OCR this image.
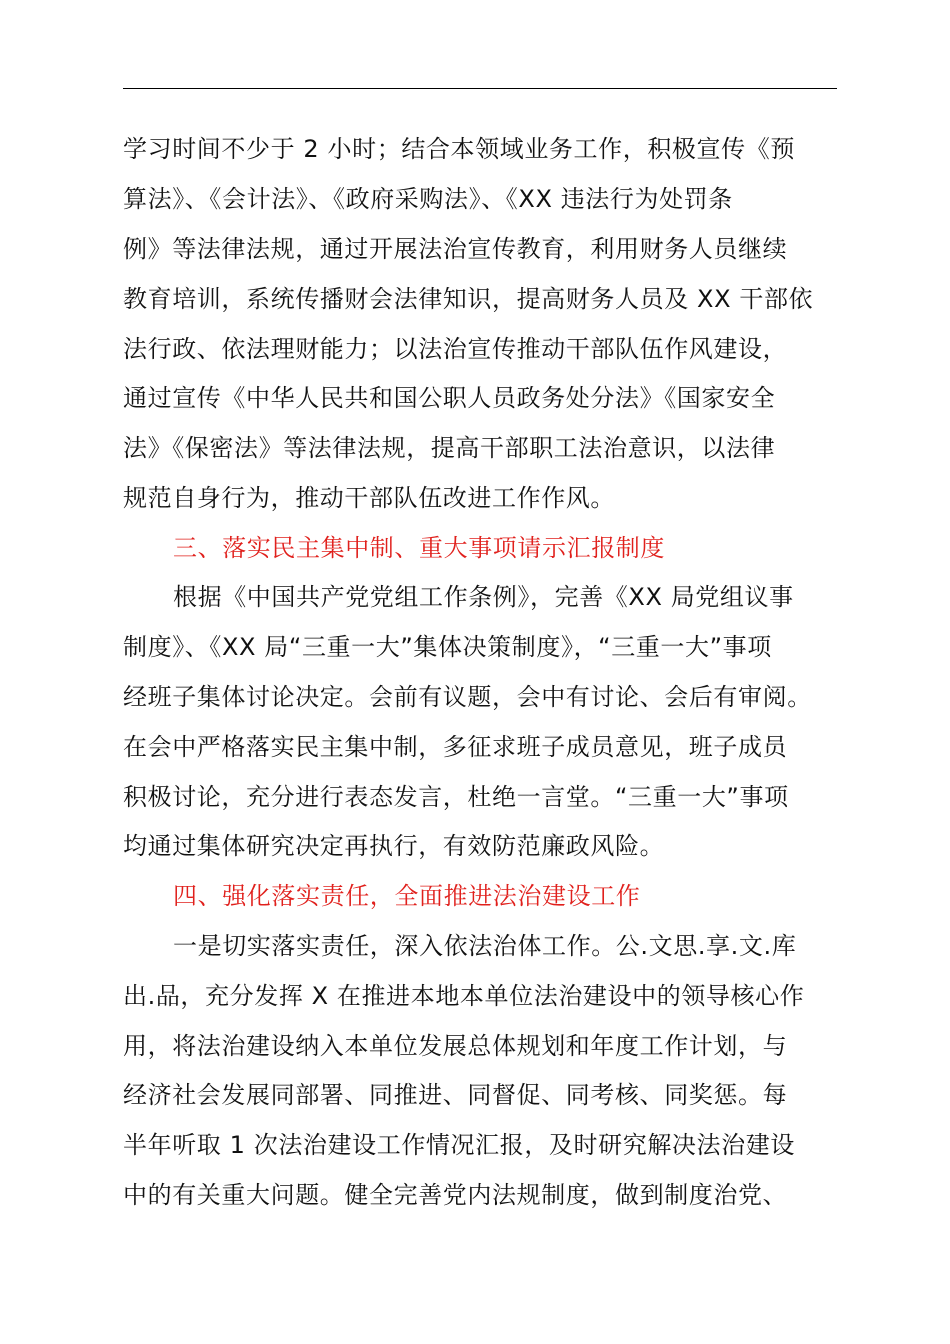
学习时间不少于 2 小时；结合本领域业务工作，积极宣传《预
算法》、《会计法》、《政府采购法》、《XX 违法行为处罚条
例》等法律法规，通过开展法治宣传教育，利用财务人员继续
教育培训，系统传播财会法律知识，提高财务人员及 XX 干部依
法行政、依法理财能力；以法治宣传推动干部队伍作风建设，
通过宣传《中华人民共和国公职人员政务处分法》《国家安全
法》《保密法》等法律法规，提高干部职工法治意识，以法律
规范自身行为，推动干部队伍改进工作作风。
三、落实民主集中制、重大事项请示汇报制度
根据《中国共产党党组工作条例》，完善《XX 局党组议事
制度》、《XX 局“三重一大”集体决策制度》，“三重一大”事项
经班子集体讨论决定。会前有议题，会中有讨论、会后有审阅。
在会中严格落实民主集中制，多征求班子成员意见，班子成员
积极讨论，充分进行表态发言，杜绝一言堂。“三重一大”事项
均通过集体研究决定再执行，有效防范廉政风险。
四、强化落实责任，全面推进法治建设工作
一是切实落实责任，深入依法治体工作。公.文思.享.文.库
出.品，充分发挥 X 在推进本地本单位法治建设中的领导核心作
用，将法治建设纳入本单位发展总体规划和年度工作计划，与
经济社会发展同部署、同推进、同督促、同考核、同奖惩。每
半年听取 1 次法治建设工作情况汇报，及时研究解决法治建设
中的有关重大问题。健全完善党内法规制度，做到制度治党、
